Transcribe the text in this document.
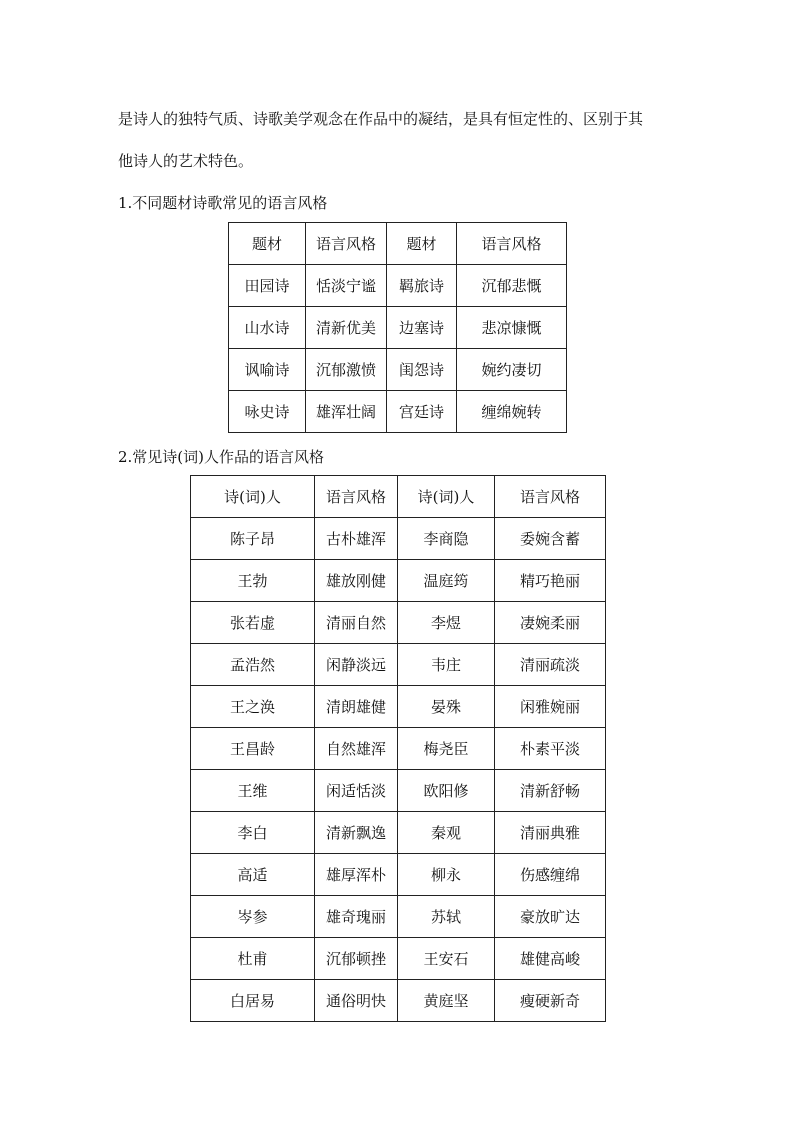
是诗人的独特气质、诗歌美学观念在作品中的凝结，是具有恒定性的、区别于其

他诗人的艺术特色。

1.不同题材诗歌常见的语言风格

题材	语言风格	题材	语言风格
田园诗	恬淡宁谧	羁旅诗	沉郁悲慨
山水诗	清新优美	边塞诗	悲凉慷慨
讽喻诗	沉郁激愤	闺怨诗	婉约凄切
咏史诗	雄浑壮阔	宫廷诗	缠绵婉转

2.常见诗(词)人作品的语言风格

诗(词)人	语言风格	诗(词)人	语言风格
陈子昂	古朴雄浑	李商隐	委婉含蓄
王勃	雄放刚健	温庭筠	精巧艳丽
张若虚	清丽自然	李煜	凄婉柔丽
孟浩然	闲静淡远	韦庄	清丽疏淡
王之涣	清朗雄健	晏殊	闲雅婉丽
王昌龄	自然雄浑	梅尧臣	朴素平淡
王维	闲适恬淡	欧阳修	清新舒畅
李白	清新飘逸	秦观	清丽典雅
高适	雄厚浑朴	柳永	伤感缠绵
岑参	雄奇瑰丽	苏轼	豪放旷达
杜甫	沉郁顿挫	王安石	雄健高峻
白居易	通俗明快	黄庭坚	瘦硬新奇
